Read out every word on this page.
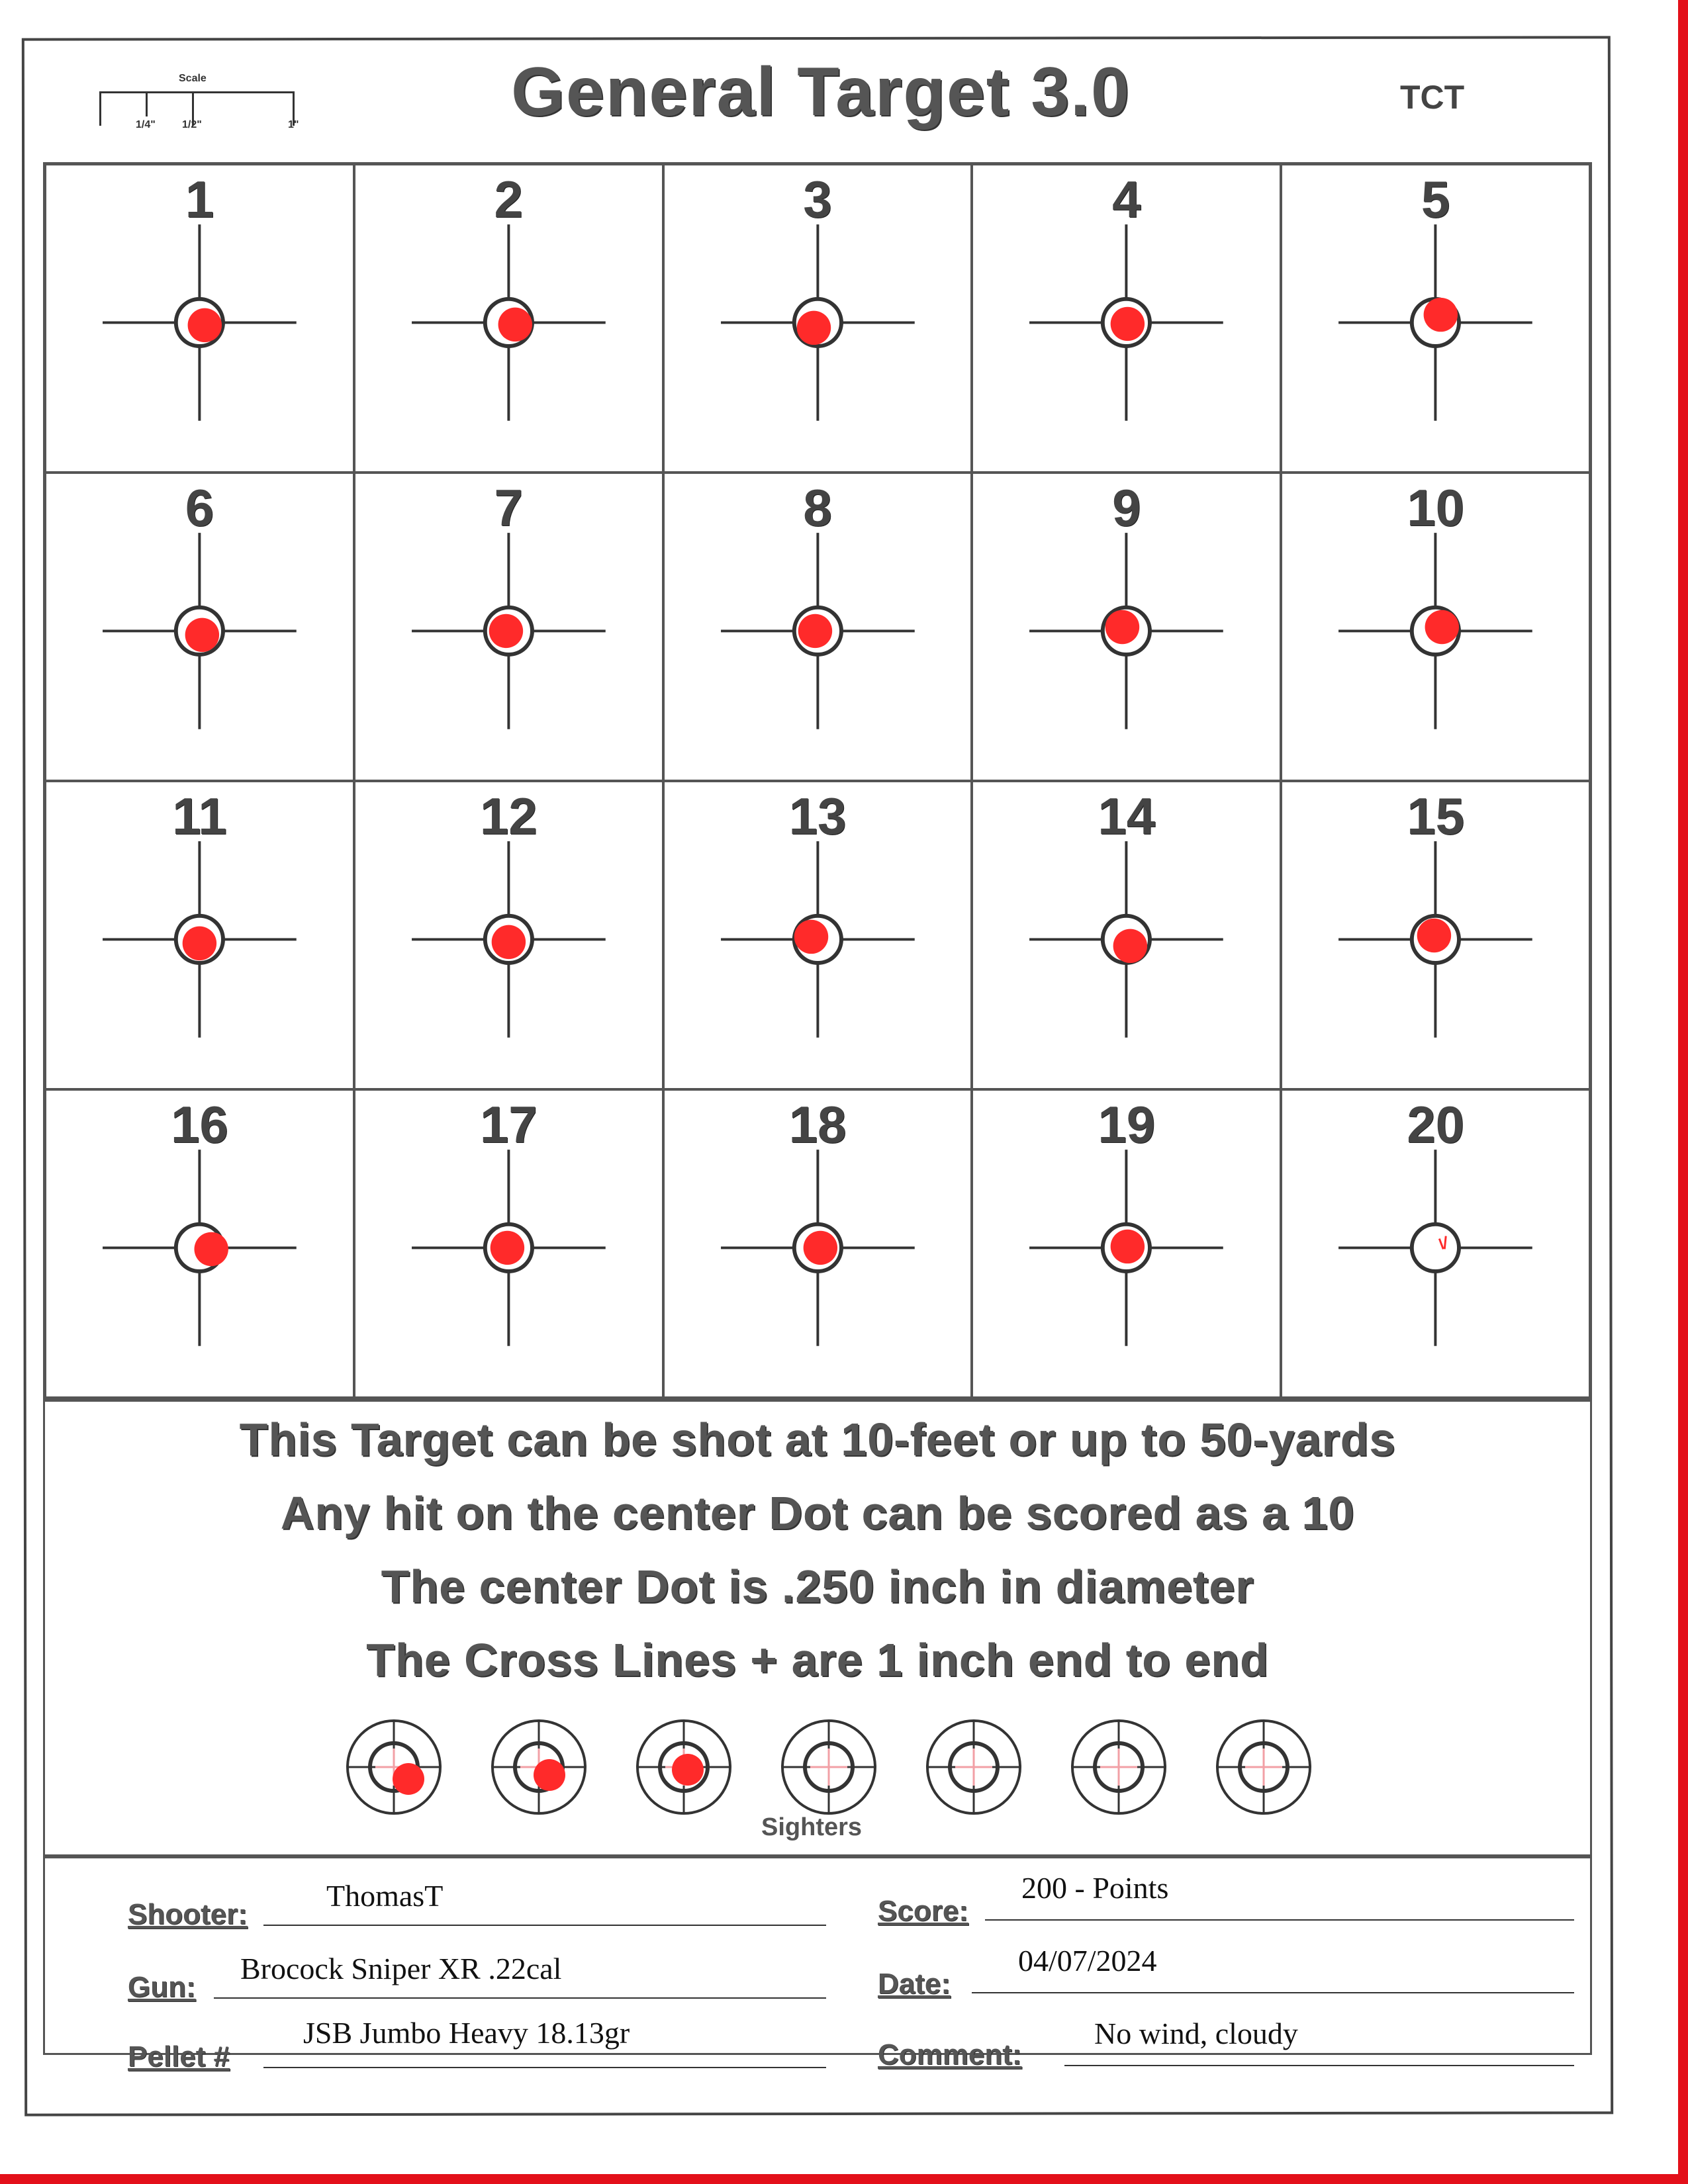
Scale
1/4"	1/2"	1"	General Target 3.0	TCT
1	2	3	4	5
6	7	8	9	10
11	12	13	14	15
16	17	18	19	20
This Target can be shot at 10-feet or up to 50-yards
Any hit on the center Dot can be scored as a 10
The center Dot is .250 inch in diameter
The Cross Lines + are 1 inch end to end
Sighters
Shooter:
ThomasT
Gun:
Brocock Sniper XR .22cal
Pellet #
JSB Jumbo Heavy 18.13gr
Score:
200 - Points
Date:
04/07/2024
Comment:
No wind, cloudy
